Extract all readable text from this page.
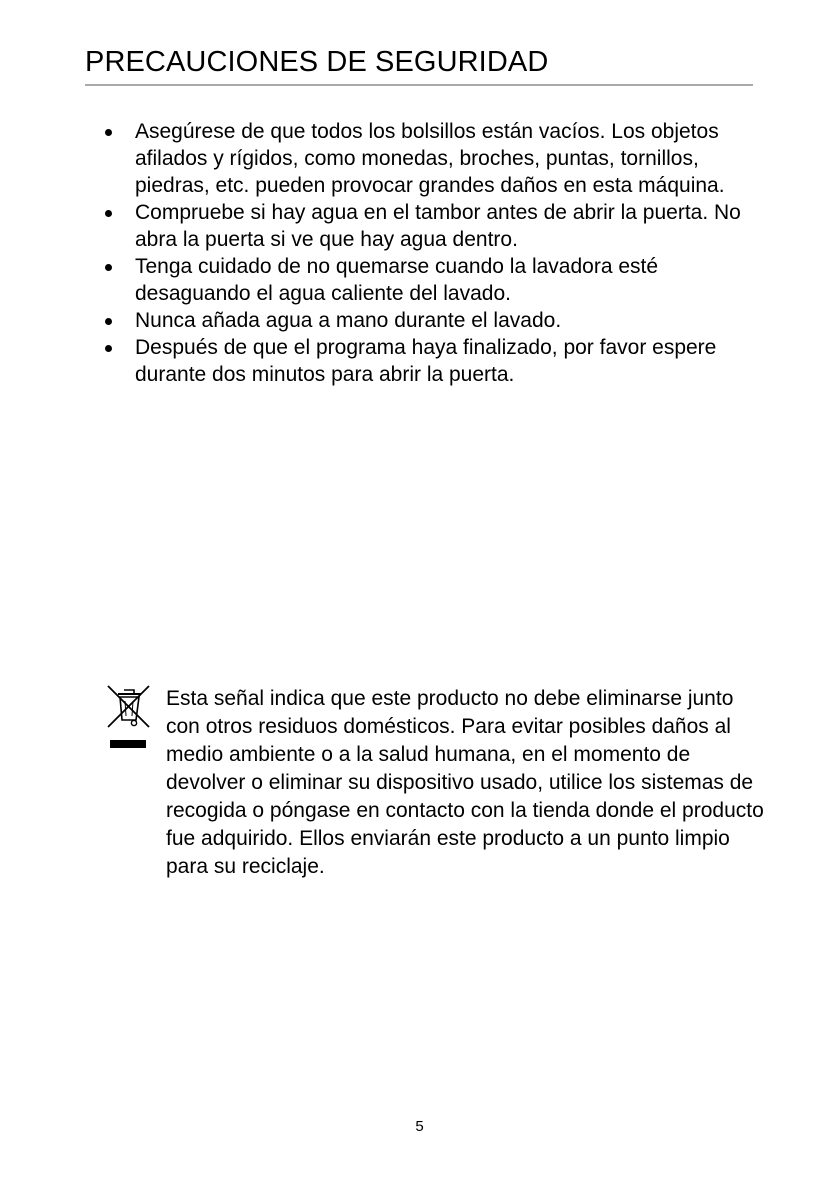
PRECAUCIONES DE SEGURIDAD
Asegúrese de que todos los bolsillos están vacíos. Los objetos afilados y rígidos, como monedas, broches, puntas, tornillos, piedras, etc. pueden provocar grandes daños en esta máquina.
Compruebe si hay agua en el tambor antes de abrir la puerta. No abra la puerta si ve que hay agua dentro.
Tenga cuidado de no quemarse cuando la lavadora esté desaguando el agua caliente del lavado.
Nunca añada agua a mano durante el lavado.
Después de que el programa haya finalizado, por favor espere durante dos minutos para abrir la puerta.

Esta señal indica que este producto no debe eliminarse junto con otros residuos domésticos. Para evitar posibles daños al medio ambiente o a la salud humana, en el momento de devolver o eliminar su dispositivo usado, utilice los sistemas de recogida o póngase en contacto con la tienda donde el producto fue adquirido. Ellos enviarán este producto a un punto limpio para su reciclaje.

5
